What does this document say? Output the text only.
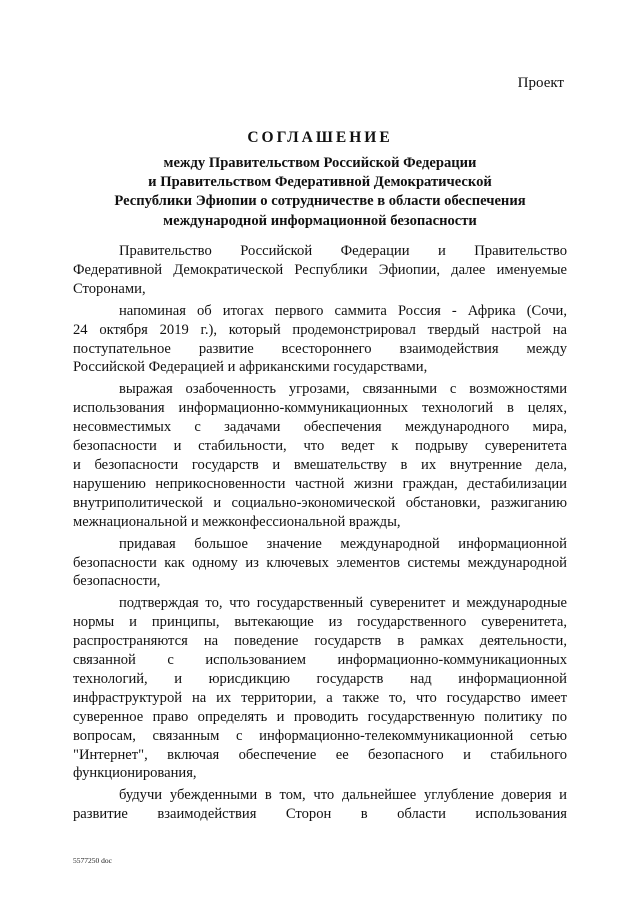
Проект
СОГЛАШЕНИЕ
между Правительством Российской Федерации
и Правительством Федеративной Демократической
Республики Эфиопии о сотрудничестве в области обеспечения
международной информационной безопасности
Правительство Российской Федерации и Правительство
Федеративной Демократической Республики Эфиопии, далее именуемые
Сторонами,
напоминая об итогах первого саммита Россия - Африка (Сочи,
24 октября 2019 г.), который продемонстрировал твердый настрой на
поступательное развитие всестороннего взаимодействия между
Российской Федерацией и африканскими государствами,
выражая озабоченность угрозами, связанными с возможностями
использования информационно-коммуникационных технологий в целях,
несовместимых с задачами обеспечения международного мира,
безопасности и стабильности, что ведет к подрыву суверенитета
и безопасности государств и вмешательству в их внутренние дела,
нарушению неприкосновенности частной жизни граждан, дестабилизации
внутриполитической и социально-экономической обстановки, разжиганию
межнациональной и межконфессиональной вражды,
придавая большое значение международной информационной
безопасности как одному из ключевых элементов системы международной
безопасности,
подтверждая то, что государственный суверенитет и международные
нормы и принципы, вытекающие из государственного суверенитета,
распространяются на поведение государств в рамках деятельности,
связанной с использованием информационно-коммуникационных
технологий, и юрисдикцию государств над информационной
инфраструктурой на их территории, а также то, что государство имеет
суверенное право определять и проводить государственную политику по
вопросам, связанным с информационно-телекоммуникационной сетью
"Интернет", включая обеспечение ее безопасного и стабильного
функционирования,
будучи убежденными в том, что дальнейшее углубление доверия и
развитие взаимодействия Сторон в области использования
5577250 doc
